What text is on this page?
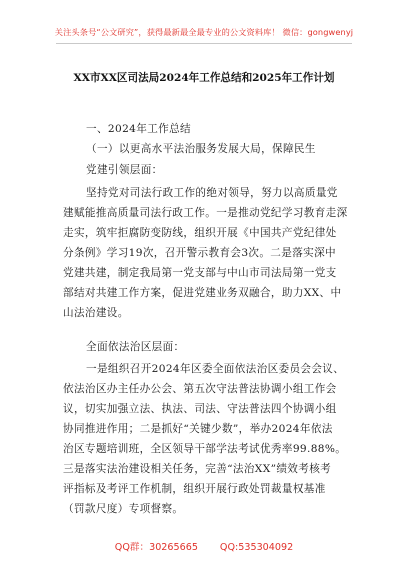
关注头条号“公文研究”，获得最新最全最专业的公文资料库！ 微信：gongwenyj
XX市XX区司法局2024年工作总结和2025年工作计划
一、2024年工作总结
（一）以更高水平法治服务发展大局，保障民生
党建引领层面：
坚持党对司法行政工作的绝对领导，努力以高质量党
建赋能推高质量司法行政工作。一是推动党纪学习教育走深
走实，筑牢拒腐防变防线，组织开展《中国共产党纪律处
分条例》学习19次，召开警示教育会3次。二是落实深中
党建共建，制定我局第一党支部与中山市司法局第一党支
部结对共建工作方案，促进党建业务双融合，助力XX、中
山法治建设。
全面依法治区层面：
一是组织召开2024年区委全面依法治区委员会会议、
依法治区办主任办公会、第五次守法普法协调小组工作会
议，切实加强立法、执法、司法、守法普法四个协调小组
协同推进作用；二是抓好“关键少数”，举办2024年依法
治区专题培训班，全区领导干部学法考试优秀率99.88%。
三是落实法治建设相关任务，完善“法治XX”绩效考核考
评指标及考评工作机制，组织开展行政处罚裁量权基准
（罚款尺度）专项督察。
QQ群：30265665 QQ:535304092
